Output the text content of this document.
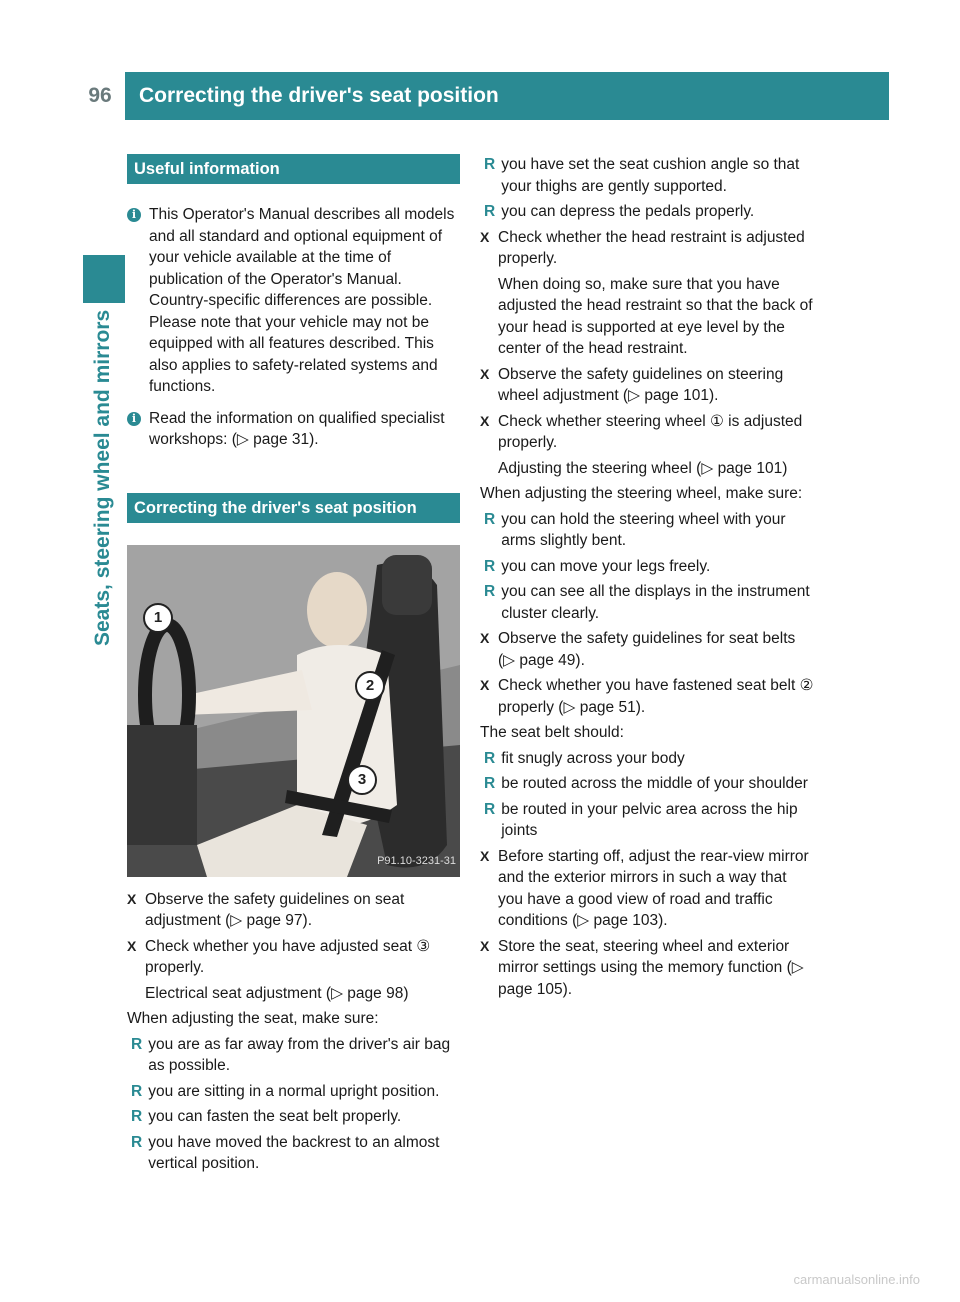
96	Correcting the driver's seat position
Seats, steering wheel and mirrors
Useful information
i This Operator's Manual describes all models and all standard and optional equipment of your vehicle available at the time of publication of the Operator's Manual. Country-specific differences are possible. Please note that your vehicle may not be equipped with all features described. This also applies to safety-related systems and functions.
i Read the information on qualified specialist workshops: (▷ page 31).
Correcting the driver's seat position
1
2
3
P91.10-3231-31
X Observe the safety guidelines on seat adjustment (▷ page 97).
X Check whether you have adjusted seat ③ properly.
Electrical seat adjustment (▷ page 98)
When adjusting the seat, make sure:
R you are as far away from the driver's air bag as possible.
R you are sitting in a normal upright position.
R you can fasten the seat belt properly.
R you have moved the backrest to an almost vertical position.
R you have set the seat cushion angle so that your thighs are gently supported.
R you can depress the pedals properly.
X Check whether the head restraint is adjusted properly.
When doing so, make sure that you have adjusted the head restraint so that the back of your head is supported at eye level by the center of the head restraint.
X Observe the safety guidelines on steering wheel adjustment (▷ page 101).
X Check whether steering wheel ① is adjusted properly.
Adjusting the steering wheel (▷ page 101)
When adjusting the steering wheel, make sure:
R you can hold the steering wheel with your arms slightly bent.
R you can move your legs freely.
R you can see all the displays in the instrument cluster clearly.
X Observe the safety guidelines for seat belts (▷ page 49).
X Check whether you have fastened seat belt ② properly (▷ page 51).
The seat belt should:
R fit snugly across your body
R be routed across the middle of your shoulder
R be routed in your pelvic area across the hip joints
X Before starting off, adjust the rear-view mirror and the exterior mirrors in such a way that you have a good view of road and traffic conditions (▷ page 103).
X Store the seat, steering wheel and exterior mirror settings using the memory function (▷ page 105).
carmanualsonline.info
